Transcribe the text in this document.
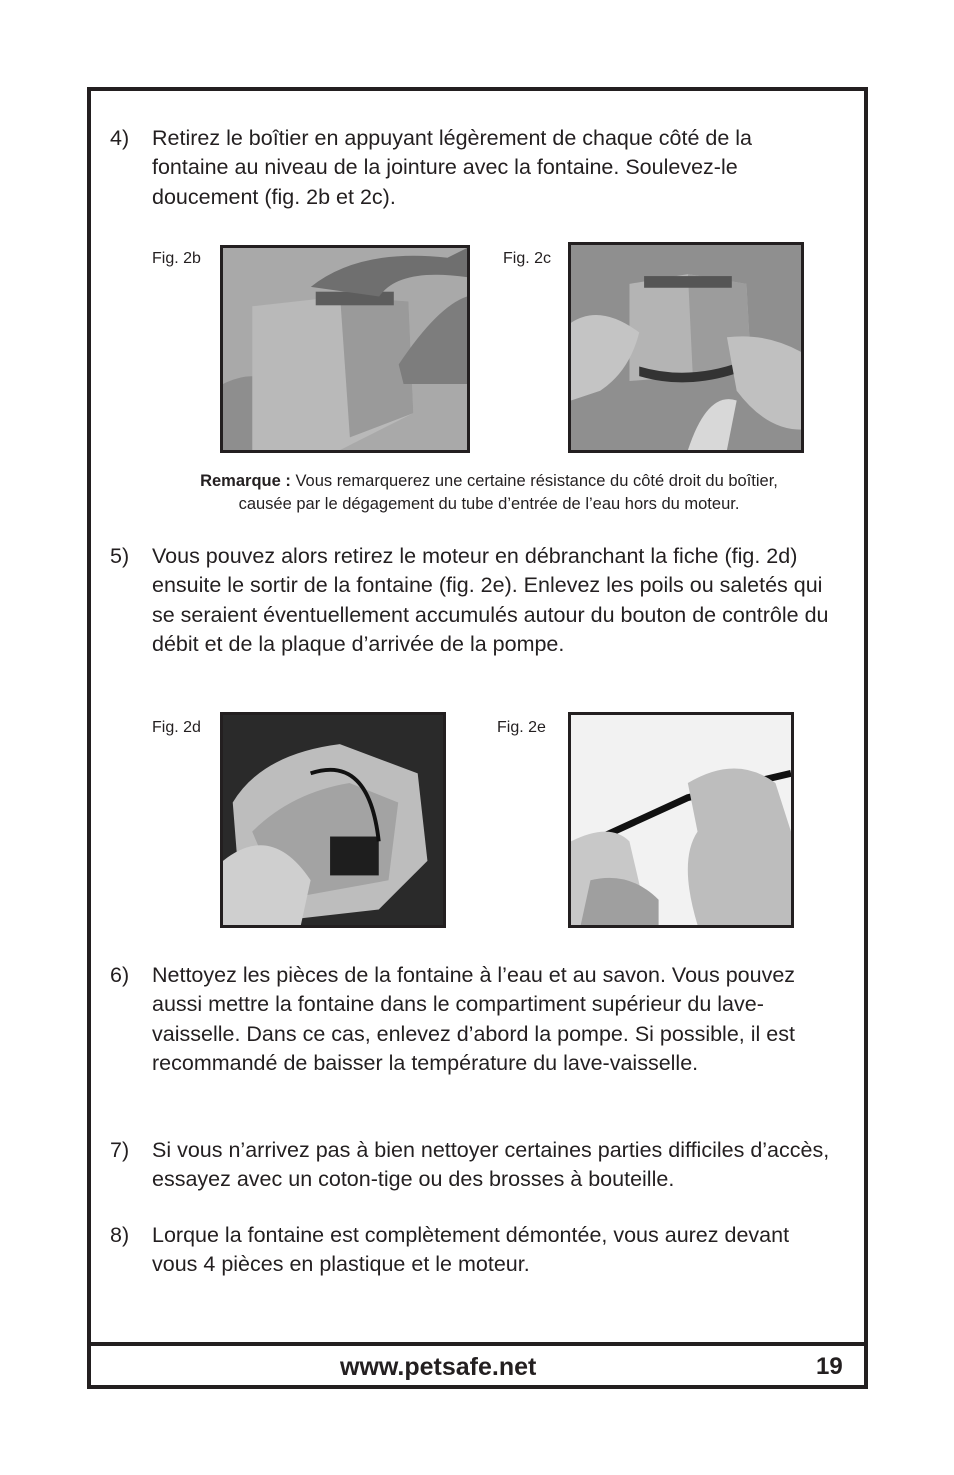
4) Retirez le boîtier en appuyant légèrement de chaque côté de la fontaine au niveau de la jointure avec la fontaine. Soulevez-le doucement (fig. 2b et 2c).
Fig. 2b	Fig. 2c
Remarque : Vous remarquerez une certaine résistance du côté droit du boîtier,
causée par le dégagement du tube d’entrée de l’eau hors du moteur.
5) Vous pouvez alors retirez le moteur en débranchant la fiche (fig. 2d) ensuite le sortir de la fontaine (fig. 2e). Enlevez les poils ou saletés qui se seraient éventuellement accumulés autour du bouton de contrôle du débit et de la plaque d’arrivée de la pompe.
Fig. 2d	Fig. 2e
6) Nettoyez les pièces de la fontaine à l’eau et au savon. Vous pouvez aussi mettre la fontaine dans le compartiment supérieur du lave-vaisselle. Dans ce cas, enlevez d’abord la pompe. Si possible, il est recommandé de baisser la température du lave-vaisselle.
7) Si vous n’arrivez pas à bien nettoyer certaines parties difficiles d’accès, essayez avec un coton-tige ou des brosses à bouteille.
8) Lorque la fontaine est complètement démontée, vous aurez devant vous 4 pièces en plastique et le moteur.
www.petsafe.net	19
